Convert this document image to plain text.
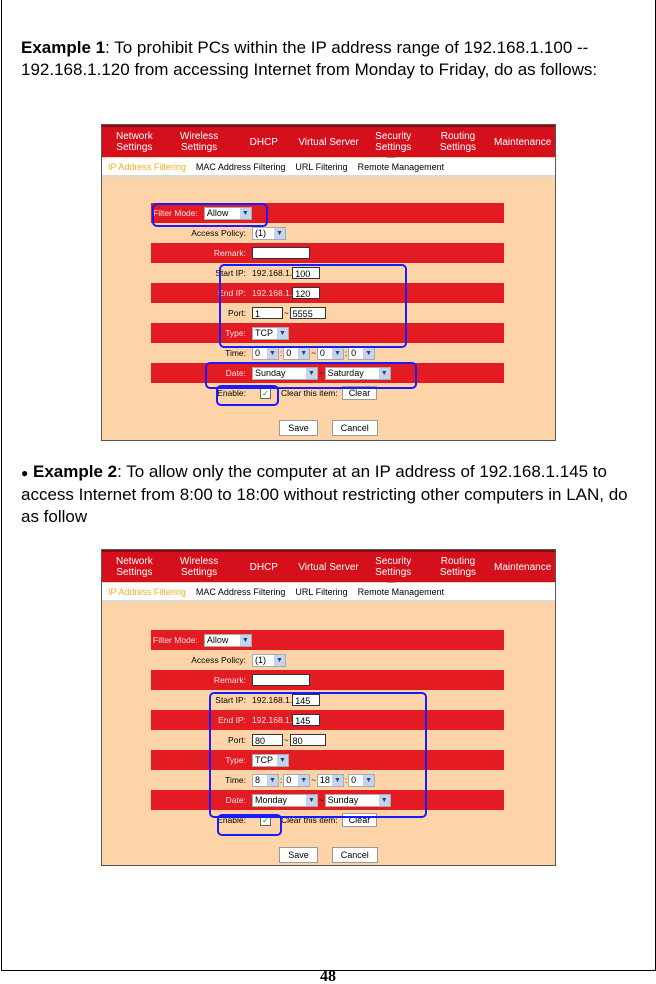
Example 1: To prohibit PCs within the IP address range of 192.168.1.100 -- 192.168.1.120 from accessing Internet from Monday to Friday, do as follows:
Network Settings
Wireless Settings	DHCP	Virtual Server	Security Settings
Routing Settings	Maintenance
IP Address Filtering MAC Address Filtering URL Filtering Remote Management
Filter Mode:	Allow ▼
Access Policy:	(1) ▼
Remark:
Start IP: 192.168.1. 100
End IP: 192.168.1. 120
Port:	1	~ 5555
Type:	TCP ▼
Time:	0 ▼ : 0 ▼ ~ 0 ▼ : 0 ▼
Date:	Sunday	▼ ~ Saturday ▼
Enable:	✓ Clear this item:	Clear
Save	Cancel
● Example 2: To allow only the computer at an IP address of 192.168.1.145 to access Internet from 8:00 to 18:00 without restricting other computers in LAN, do as follow
Network Settings
Wireless Settings	DHCP	Virtual Server	Security Settings
Routing Settings	Maintenance
IP Address Filtering MAC Address Filtering URL Filtering Remote Management
Filter Mode:	Allow ▼
Access Policy:	(1) ▼
Remark:
Start IP: 192.168.1. 145
End IP: 192.168.1. 145
Port:	80	~ 80
Type:	TCP ▼
Time:	8 ▼ : 0 ▼ ~ 18 ▼ : 0 ▼
Date:	Monday	▼ ~ Sunday	▼
Enable:	✓ Clear this item:	Clear
Save	Cancel
48
